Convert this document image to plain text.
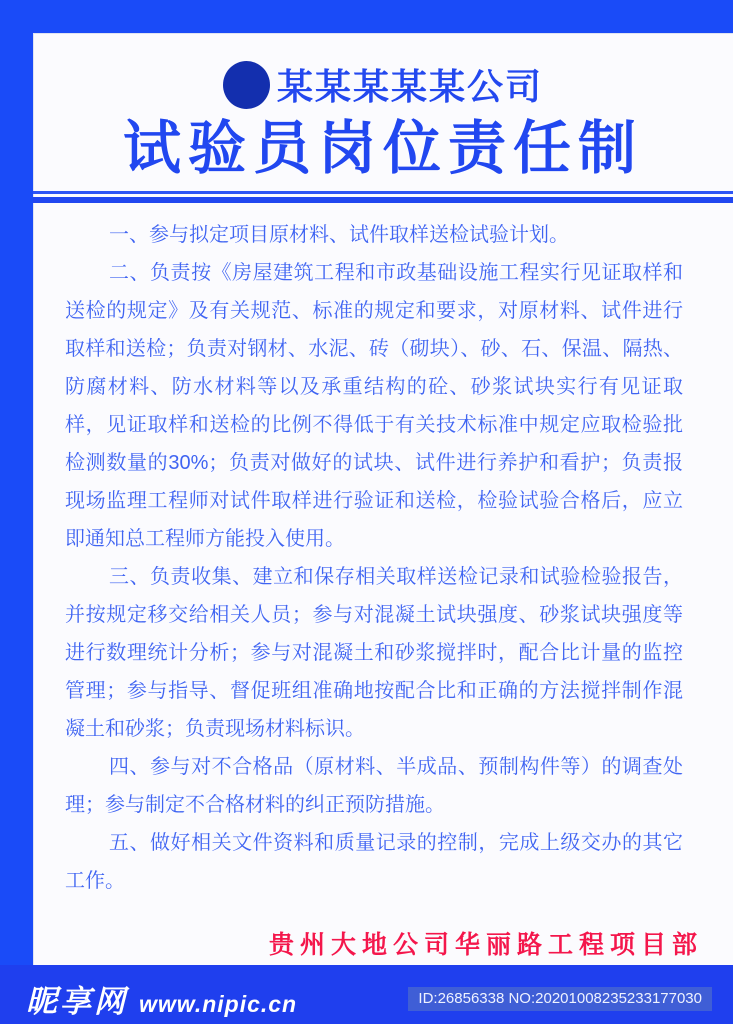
某某某某某公司
试验员岗位责任制

一、参与拟定项目原材料、试件取样送检试验计划。

二、负责按《房屋建筑工程和市政基础设施工程实行见证取样和送检的规定》及有关规范、标准的规定和要求，对原材料、试件进行取样和送检；负责对钢材、水泥、砖（砌块）、砂、石、保温、隔热、防腐材料、防水材料等以及承重结构的砼、砂浆试块实行有见证取样，见证取样和送检的比例不得低于有关技术标准中规定应取检验批检测数量的30%；负责对做好的试块、试件进行养护和看护；负责报现场监理工程师对试件取样进行验证和送检，检验试验合格后，应立即通知总工程师方能投入使用。

三、负责收集、建立和保存相关取样送检记录和试验检验报告，并按规定移交给相关人员；参与对混凝土试块强度、砂浆试块强度等进行数理统计分析；参与对混凝土和砂浆搅拌时，配合比计量的监控管理；参与指导、督促班组准确地按配合比和正确的方法搅拌制作混凝土和砂浆；负责现场材料标识。

四、参与对不合格品（原材料、半成品、预制构件等）的调查处理；参与制定不合格材料的纠正预防措施。

五、做好相关文件资料和质量记录的控制，完成上级交办的其它工作。

贵州大地公司华丽路工程项目部
昵享网 www.nipic.cn	ID:26856338 NO:20201008235233177030
